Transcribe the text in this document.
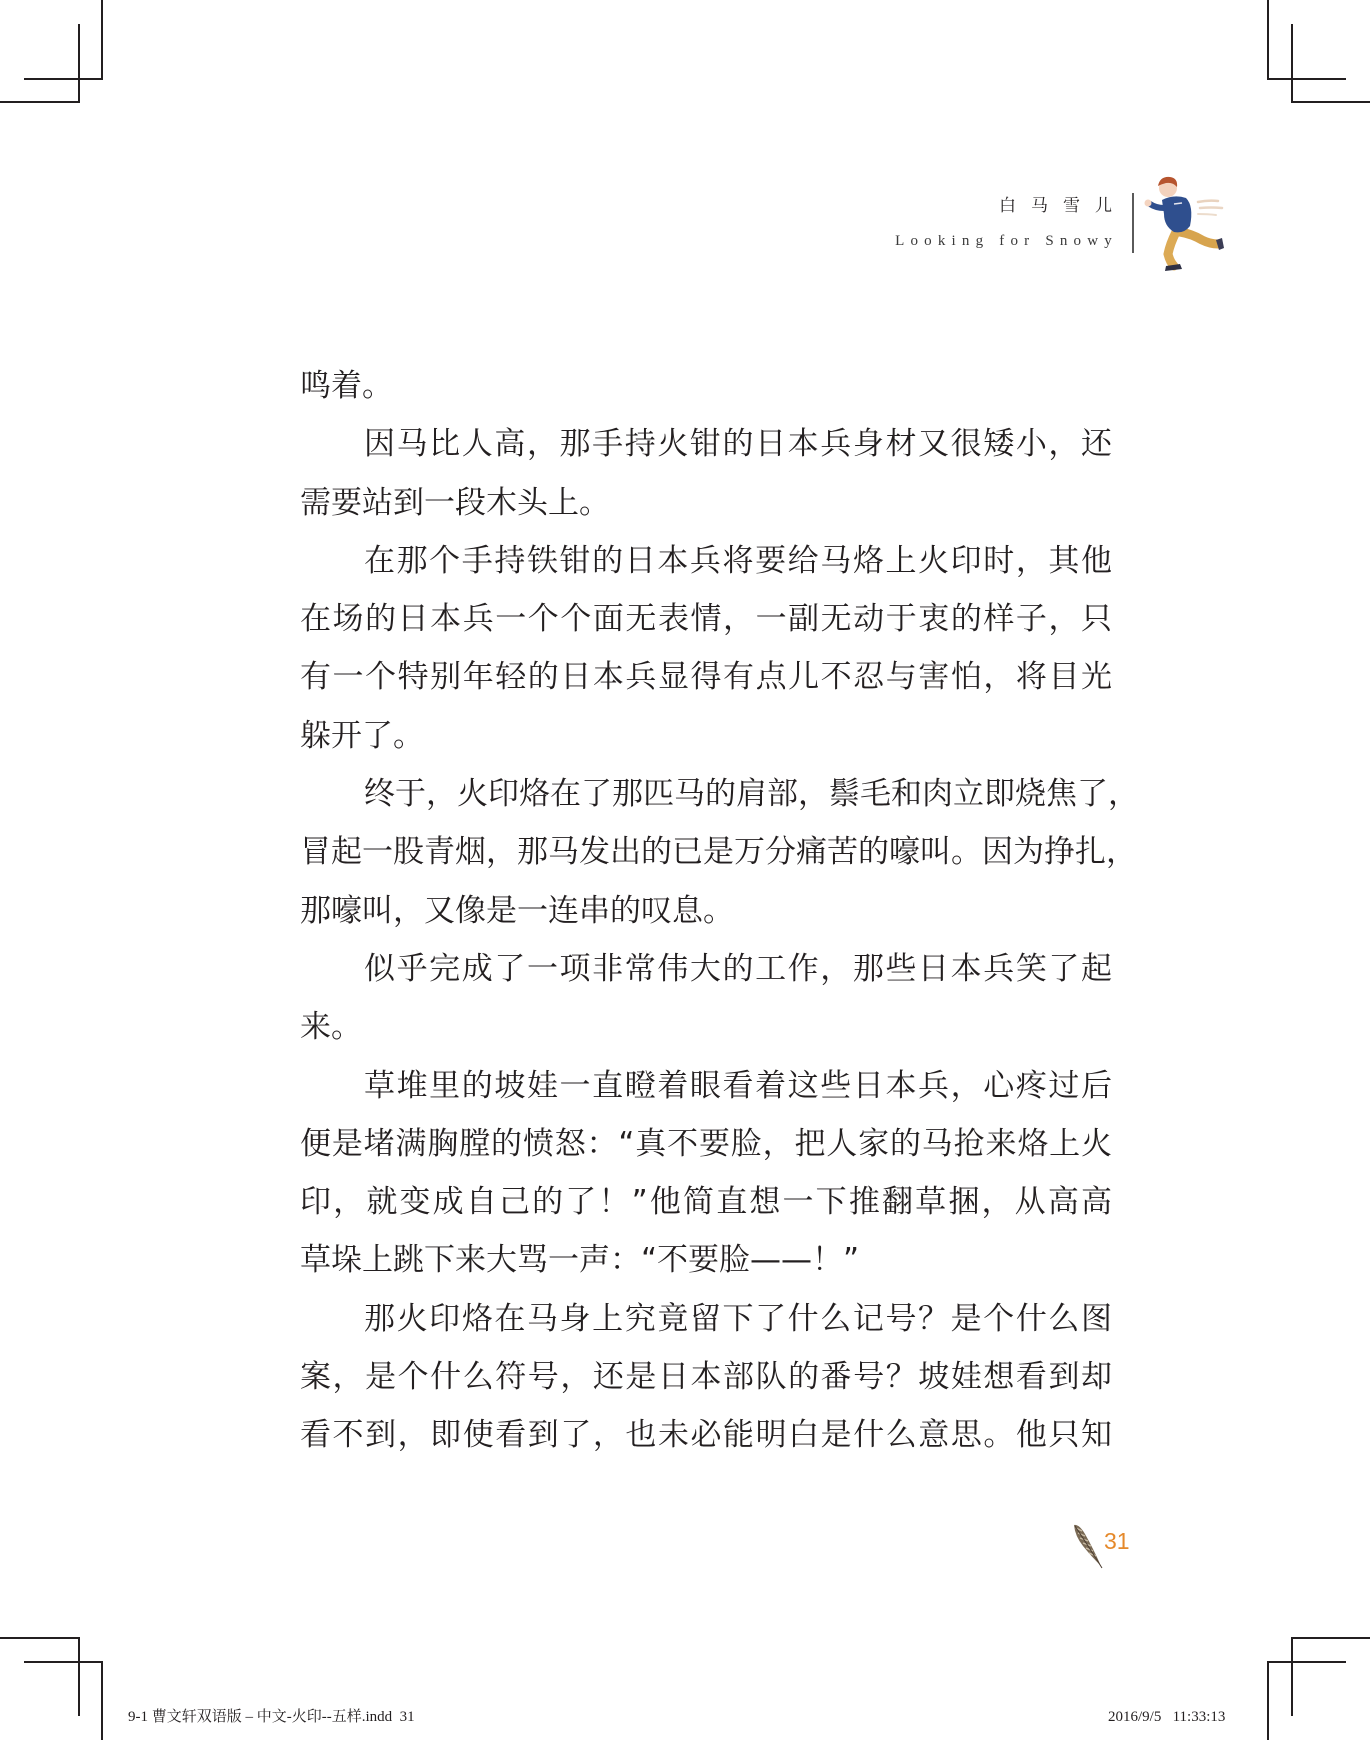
白马雪儿
Looking for Snowy
鸣着。
因马比人高，那手持火钳的日本兵身材又很矮小，还
需要站到一段木头上。
在那个手持铁钳的日本兵将要给马烙上火印时，其他
在场的日本兵一个个面无表情，一副无动于衷的样子，只
有一个特别年轻的日本兵显得有点儿不忍与害怕，将目光
躲开了。
终于，火印烙在了那匹马的肩部，鬃毛和肉立即烧焦了，
冒起一股青烟，那马发出的已是万分痛苦的嚎叫。因为挣扎，
那嚎叫，又像是一连串的叹息。
似乎完成了一项非常伟大的工作，那些日本兵笑了起
来。
草堆里的坡娃一直瞪着眼看着这些日本兵，心疼过后
便是堵满胸膛的愤怒：“真不要脸，把人家的马抢来烙上火
印，就变成自己的了！”他简直想一下推翻草捆，从高高
草垛上跳下来大骂一声：“不要脸——！”
那火印烙在马身上究竟留下了什么记号？是个什么图
案，是个什么符号，还是日本部队的番号？坡娃想看到却
看不到，即使看到了，也未必能明白是什么意思。他只知
31
9-1 曹文轩双语版 – 中文-火印--五样.indd  31	2016/9/5   11:33:13
